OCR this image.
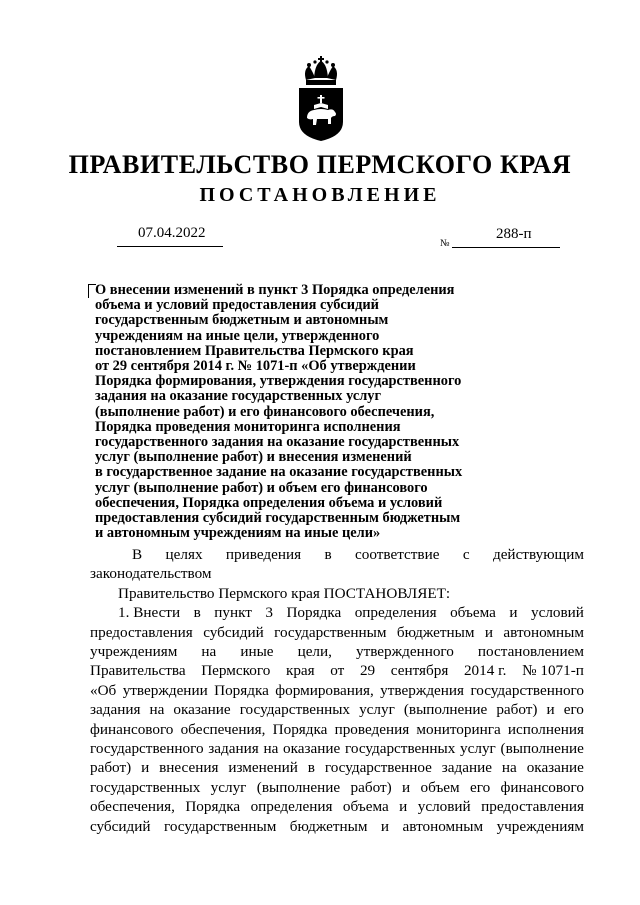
ПРАВИТЕЛЬСТВО ПЕРМСКОГО КРАЯ
ПОСТАНОВЛЕНИЕ
07.04.2022
№
288-п
О внесении изменений в пункт 3 Порядка определения
объема и условий предоставления субсидий
государственным бюджетным и автономным
учреждениям на иные цели, утвержденного
постановлением Правительства Пермского края
от 29 сентября 2014 г. № 1071-п «Об утверждении
Порядка формирования, утверждения государственного
задания на оказание государственных услуг
(выполнение работ) и его финансового обеспечения,
Порядка проведения мониторинга исполнения
государственного задания на оказание государственных
услуг (выполнение работ) и внесения изменений
в государственное задание на оказание государственных
услуг (выполнение работ) и объем его финансового
обеспечения, Порядка определения объема и условий
предоставления субсидий государственным бюджетным
и автономным учреждениям на иные цели»
В целях приведения в соответствие с действующим
законодательством
Правительство Пермского края ПОСТАНОВЛЯЕТ:
1. Внести в пункт 3 Порядка определения объема и условий
предоставления субсидий государственным бюджетным и автономным
учреждениям на иные цели, утвержденного постановлением
Правительства Пермского края от 29 сентября 2014 г. № 1071-п
«Об утверждении Порядка формирования, утверждения государственного
задания на оказание государственных услуг (выполнение работ) и его
финансового обеспечения, Порядка проведения мониторинга исполнения
государственного задания на оказание государственных услуг (выполнение
работ) и внесения изменений в государственное задание на оказание
государственных услуг (выполнение работ) и объем его финансового
обеспечения, Порядка определения объема и условий предоставления
субсидий государственным бюджетным и автономным учреждениям
